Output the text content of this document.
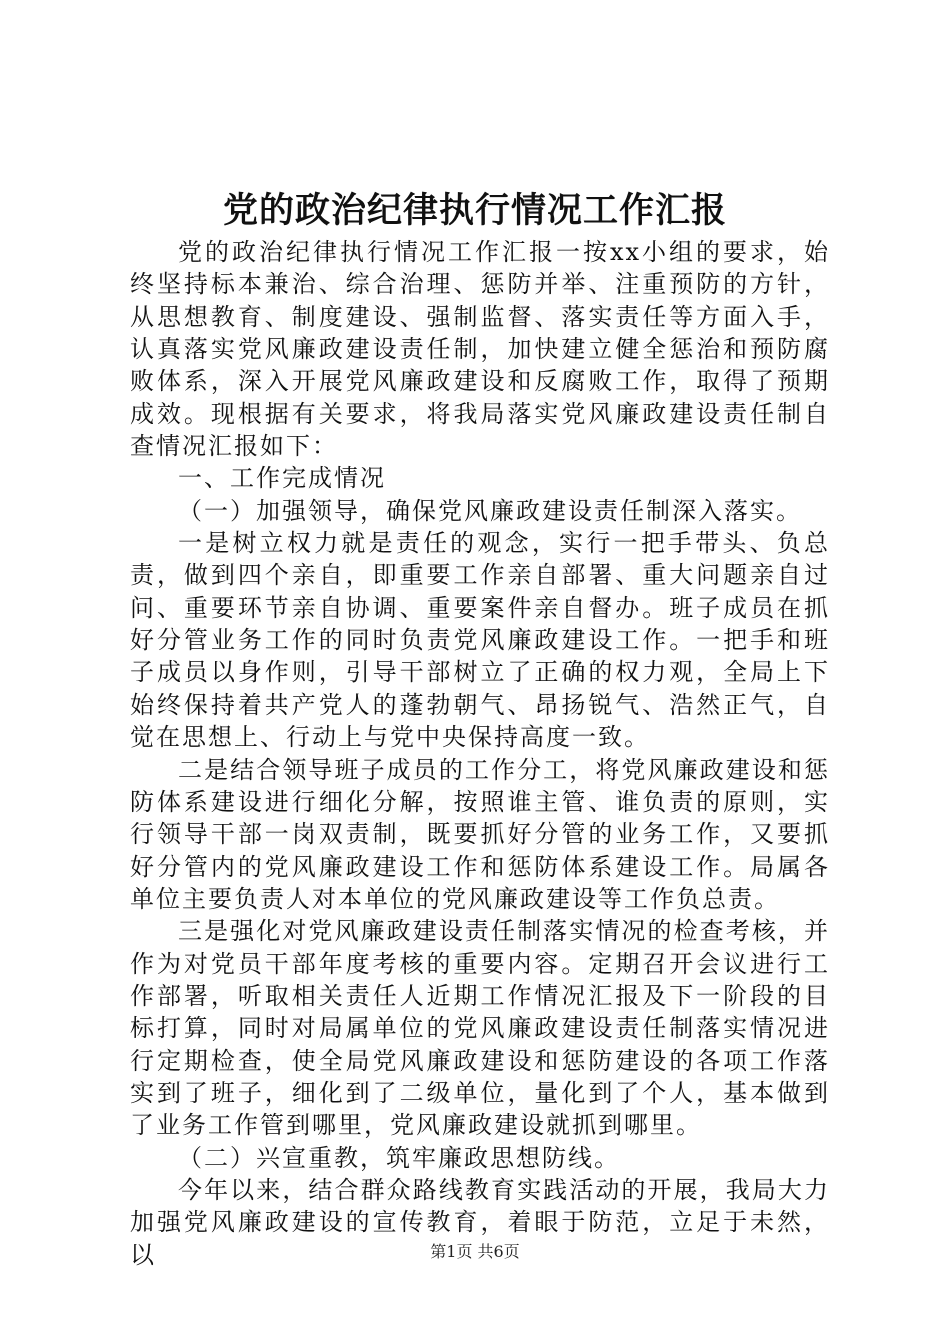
党的政治纪律执行情况工作汇报

党的政治纪律执行情况工作汇报一按xx小组的要求，始终坚持标本兼治、综合治理、惩防并举、注重预防的方针，从思想教育、制度建设、强制监督、落实责任等方面入手，认真落实党风廉政建设责任制，加快建立健全惩治和预防腐败体系，深入开展党风廉政建设和反腐败工作，取得了预期成效。现根据有关要求，将我局落实党风廉政建设责任制自查情况汇报如下：

一、工作完成情况

（一）加强领导，确保党风廉政建设责任制深入落实。

一是树立权力就是责任的观念，实行一把手带头、负总责，做到四个亲自，即重要工作亲自部署、重大问题亲自过问、重要环节亲自协调、重要案件亲自督办。班子成员在抓好分管业务工作的同时负责党风廉政建设工作。一把手和班子成员以身作则，引导干部树立了正确的权力观，全局上下始终保持着共产党人的蓬勃朝气、昂扬锐气、浩然正气，自觉在思想上、行动上与党中央保持高度一致。

二是结合领导班子成员的工作分工，将党风廉政建设和惩防体系建设进行细化分解，按照谁主管、谁负责的原则，实行领导干部一岗双责制，既要抓好分管的业务工作，又要抓好分管内的党风廉政建设工作和惩防体系建设工作。局属各单位主要负责人对本单位的党风廉政建设等工作负总责。

三是强化对党风廉政建设责任制落实情况的检查考核，并作为对党员干部年度考核的重要内容。定期召开会议进行工作部署，听取相关责任人近期工作情况汇报及下一阶段的目标打算，同时对局属单位的党风廉政建设责任制落实情况进行定期检查，使全局党风廉政建设和惩防建设的各项工作落实到了班子，细化到了二级单位，量化到了个人，基本做到了业务工作管到哪里，党风廉政建设就抓到哪里。

（二）兴宣重教，筑牢廉政思想防线。

今年以来，结合群众路线教育实践活动的开展，我局大力加强党风廉政建设的宣传教育，着眼于防范，立足于未然，以	第1页 共6页
